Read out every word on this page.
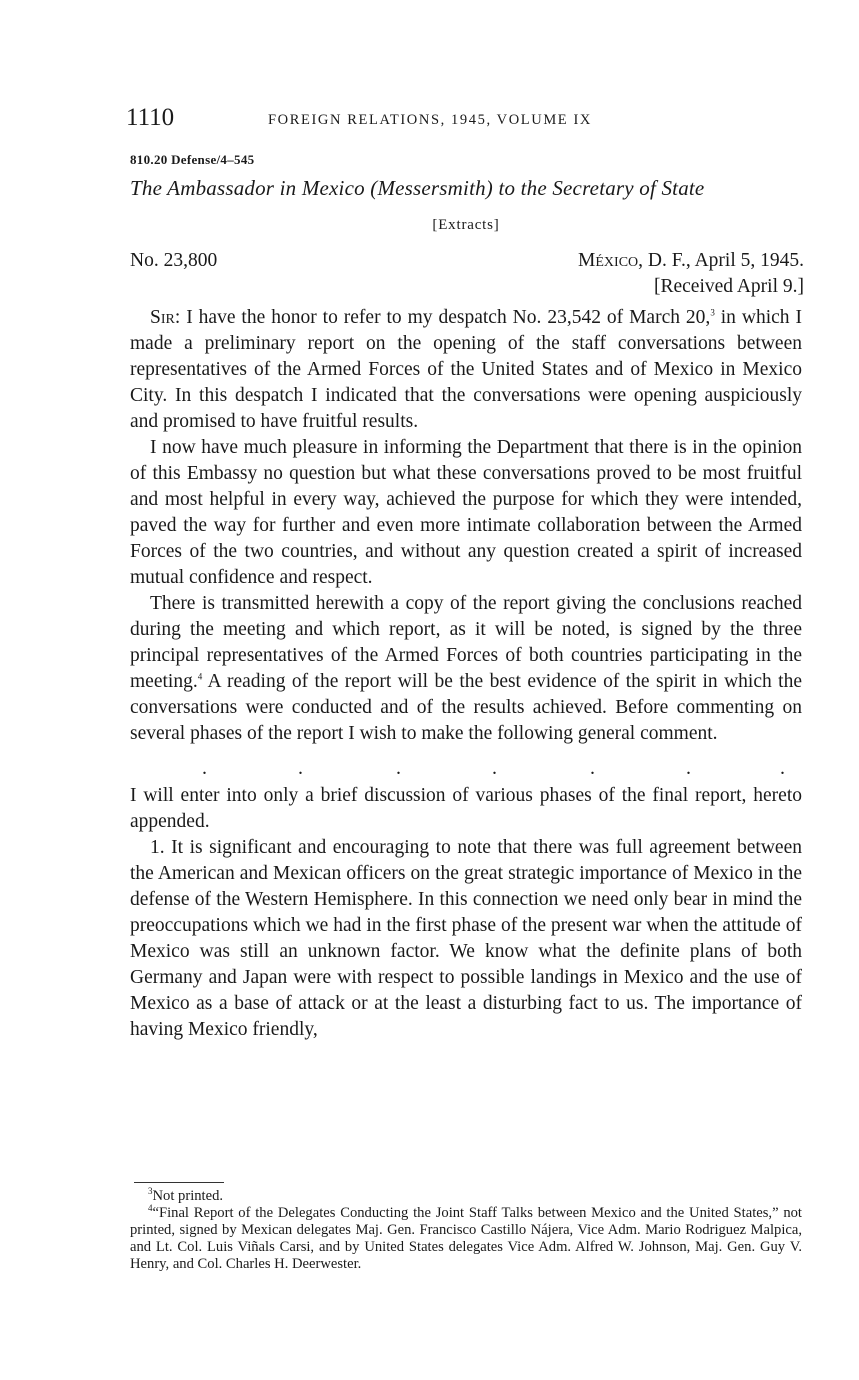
1110	FOREIGN RELATIONS, 1945, VOLUME IX
810.20 Defense/4–545
The Ambassador in Mexico (Messersmith) to the Secretary of State
[Extracts]
No. 23,800	México, D. F., April 5, 1945.
[Received April 9.]

Sir: I have the honor to refer to my despatch No. 23,542 of March 20,$^3$ in which I made a preliminary report on the opening of the staff conversations between representatives of the Armed Forces of the United States and of Mexico in Mexico City. In this despatch I indicated that the conversations were opening auspiciously and promised to have fruitful results.

I now have much pleasure in informing the Department that there is in the opinion of this Embassy no question but what these conversations proved to be most fruitful and most helpful in every way, achieved the purpose for which they were intended, paved the way for further and even more intimate collaboration between the Armed Forces of the two countries, and without any question created a spirit of increased mutual confidence and respect.

There is transmitted herewith a copy of the report giving the conclusions reached during the meeting and which report, as it will be noted, is signed by the three principal representatives of the Armed Forces of both countries participating in the meeting.$^4$ A reading of the report will be the best evidence of the spirit in which the conversations were conducted and of the results achieved. Before commenting on several phases of the report I wish to make the following general comment.

.	.	.	.	.	.	.

I will enter into only a brief discussion of various phases of the final report, hereto appended.

1. It is significant and encouraging to note that there was full agreement between the American and Mexican officers on the great strategic importance of Mexico in the defense of the Western Hemisphere. In this connection we need only bear in mind the preoccupations which we had in the first phase of the present war when the attitude of Mexico was still an unknown factor. We know what the definite plans of both Germany and Japan were with respect to possible landings in Mexico and the use of Mexico as a base of attack or at the least a disturbing fact to us. The importance of having Mexico friendly,

$^3$Not printed.

$^4$“Final Report of the Delegates Conducting the Joint Staff Talks between Mexico and the United States,” not printed, signed by Mexican delegates Maj. Gen. Francisco Castillo Nájera, Vice Adm. Mario Rodriguez Malpica, and Lt. Col. Luis Viñals Carsi, and by United States delegates Vice Adm. Alfred W. Johnson, Maj. Gen. Guy V. Henry, and Col. Charles H. Deerwester.
